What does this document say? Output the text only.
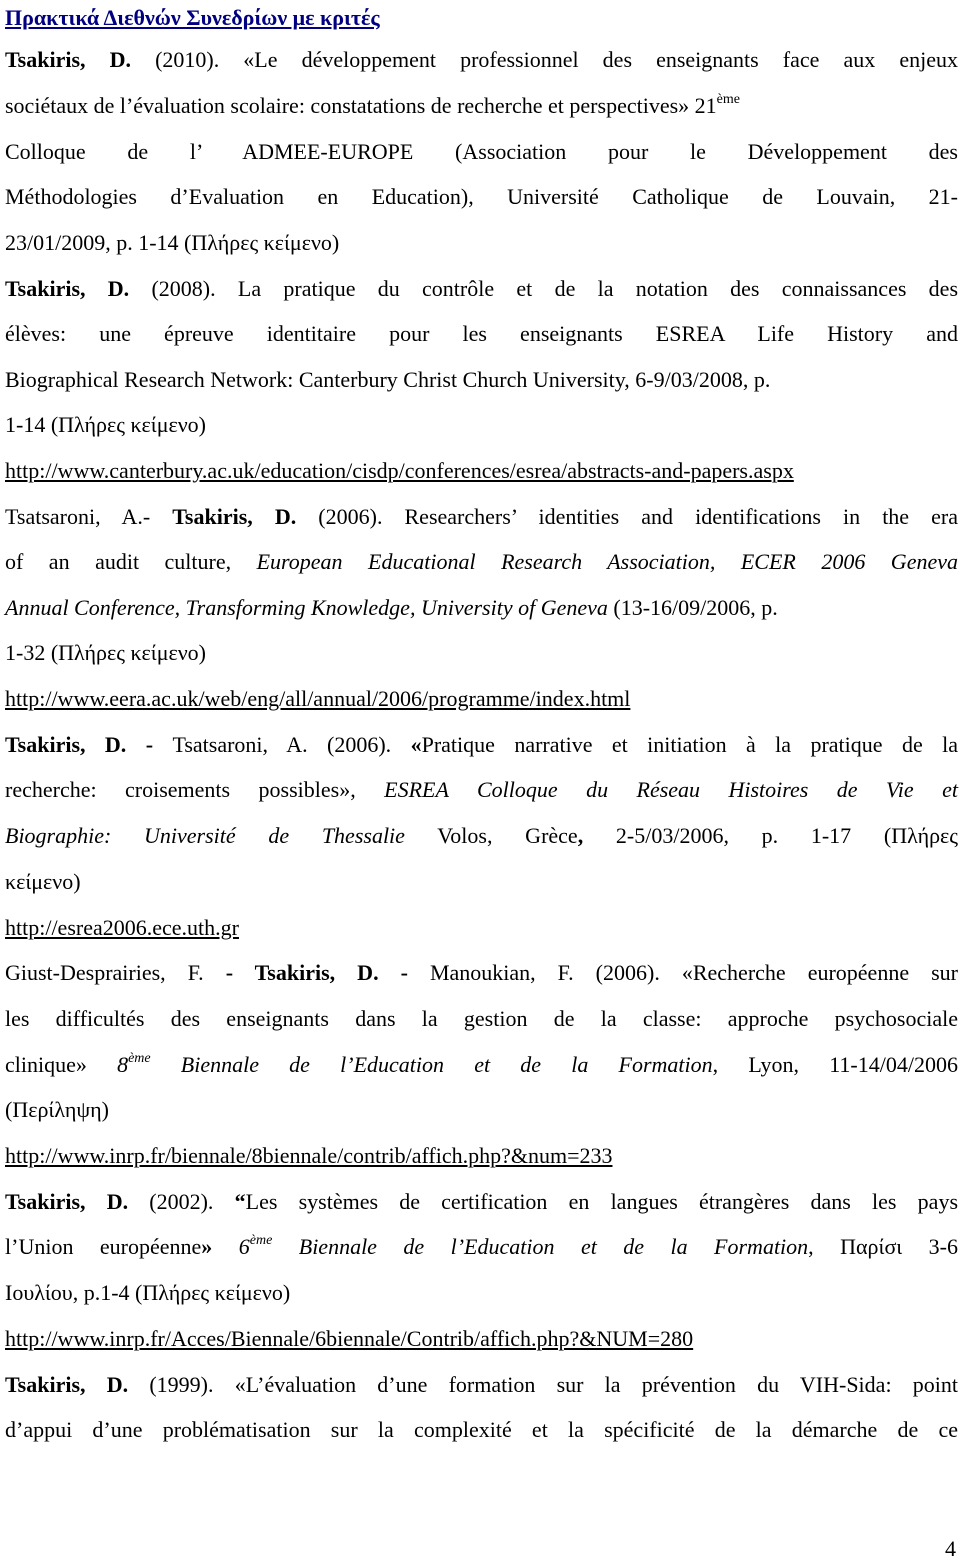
Πρακτικά Διεθνών Συνεδρίων με κριτές
Tsakiris, D. (2010). «Le développement professionnel des enseignants face aux enjeux
sociétaux de l’évaluation scolaire: constatations de recherche et perspectives» 21ème
Colloque de l’ ADMEE-EUROPE (Association pour le Développement des
Méthodologies d’Evaluation en Education), Université Catholique de Louvain, 21-
23/01/2009, p. 1-14 (Πλήρες κείμενο)
Tsakiris, D. (2008). La pratique du contrôle et de la notation des connaissances des
élèves: une épreuve identitaire pour les enseignants ESREA Life History and
Biographical Research Network: Canterbury Christ Church University, 6-9/03/2008, p.
1-14 (Πλήρες κείμενο)
http://www.canterbury.ac.uk/education/cisdp/conferences/esrea/abstracts-and-papers.aspx
Tsatsaroni, A.- Tsakiris, D. (2006). Researchers’ identities and identifications in the era
of an audit culture, European Educational Research Association, ECER 2006 Geneva
Annual Conference, Transforming Knowledge, University of Geneva (13-16/09/2006, p.
1-32 (Πλήρες κείμενο)
http://www.eera.ac.uk/web/eng/all/annual/2006/programme/index.html
Tsakiris, D. - Tsatsaroni, A. (2006). «Pratique narrative et initiation à la pratique de la
recherche: croisements possibles», ESREA Colloque du Réseau Histoires de Vie et
Biographie: Université de Thessalie Volos, Grèce, 2-5/03/2006, p. 1-17 (Πλήρες
κείμενο)
http://esrea2006.ece.uth.gr
Giust-Desprairies, F. - Tsakiris, D. - Manoukian, F. (2006). «Recherche européenne sur
les difficultés des enseignants dans la gestion de la classe: approche psychosociale
clinique» 8ème Biennale de l’Education et de la Formation, Lyon, 11-14/04/2006
(Περίληψη)
http://www.inrp.fr/biennale/8biennale/contrib/affich.php?&num=233
Tsakiris, D. (2002). “Les systèmes de certification en langues étrangères dans les pays
l’Union européenne» 6ème Biennale de l’Education et de la Formation, Παρίσι 3-6
Ιουλίου, p.1-4 (Πλήρες κείμενο)
http://www.inrp.fr/Acces/Biennale/6biennale/Contrib/affich.php?&NUM=280
Tsakiris, D. (1999). «L’évaluation d’une formation sur la prévention du VIH-Sida: point
d’appui d’une problématisation sur la complexité et la spécificité de la démarche de ce
4
